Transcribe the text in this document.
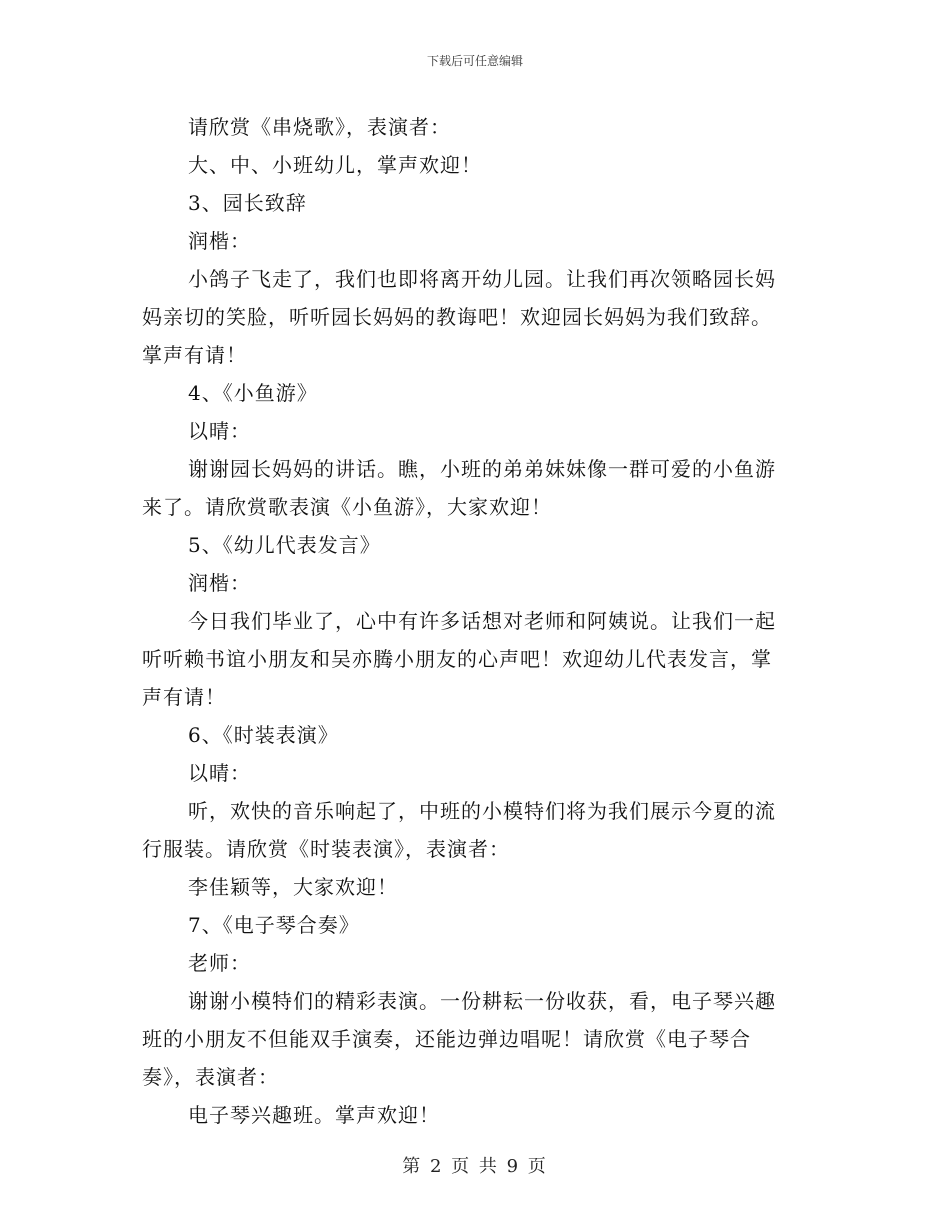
下载后可任意编辑
请欣赏《串烧歌》，表演者：
大、中、小班幼儿，掌声欢迎！
3、园长致辞
润楷：
小鸽子飞走了，我们也即将离开幼儿园。让我们再次领略园长妈
妈亲切的笑脸，听听园长妈妈的教诲吧！欢迎园长妈妈为我们致辞。
掌声有请！
4、《小鱼游》
以晴：
谢谢园长妈妈的讲话。瞧，小班的弟弟妹妹像一群可爱的小鱼游
来了。请欣赏歌表演《小鱼游》，大家欢迎！
5、《幼儿代表发言》
润楷：
今日我们毕业了，心中有许多话想对老师和阿姨说。让我们一起
听听赖书谊小朋友和吴亦腾小朋友的心声吧！欢迎幼儿代表发言，掌
声有请！
6、《时装表演》
以晴：
听，欢快的音乐响起了，中班的小模特们将为我们展示今夏的流
行服装。请欣赏《时装表演》，表演者：
李佳颖等，大家欢迎！
7、《电子琴合奏》
老师：
谢谢小模特们的精彩表演。一份耕耘一份收获，看，电子琴兴趣
班的小朋友不但能双手演奏，还能边弹边唱呢！请欣赏《电子琴合
奏》，表演者：
电子琴兴趣班。掌声欢迎！
第 2 页 共 9 页
